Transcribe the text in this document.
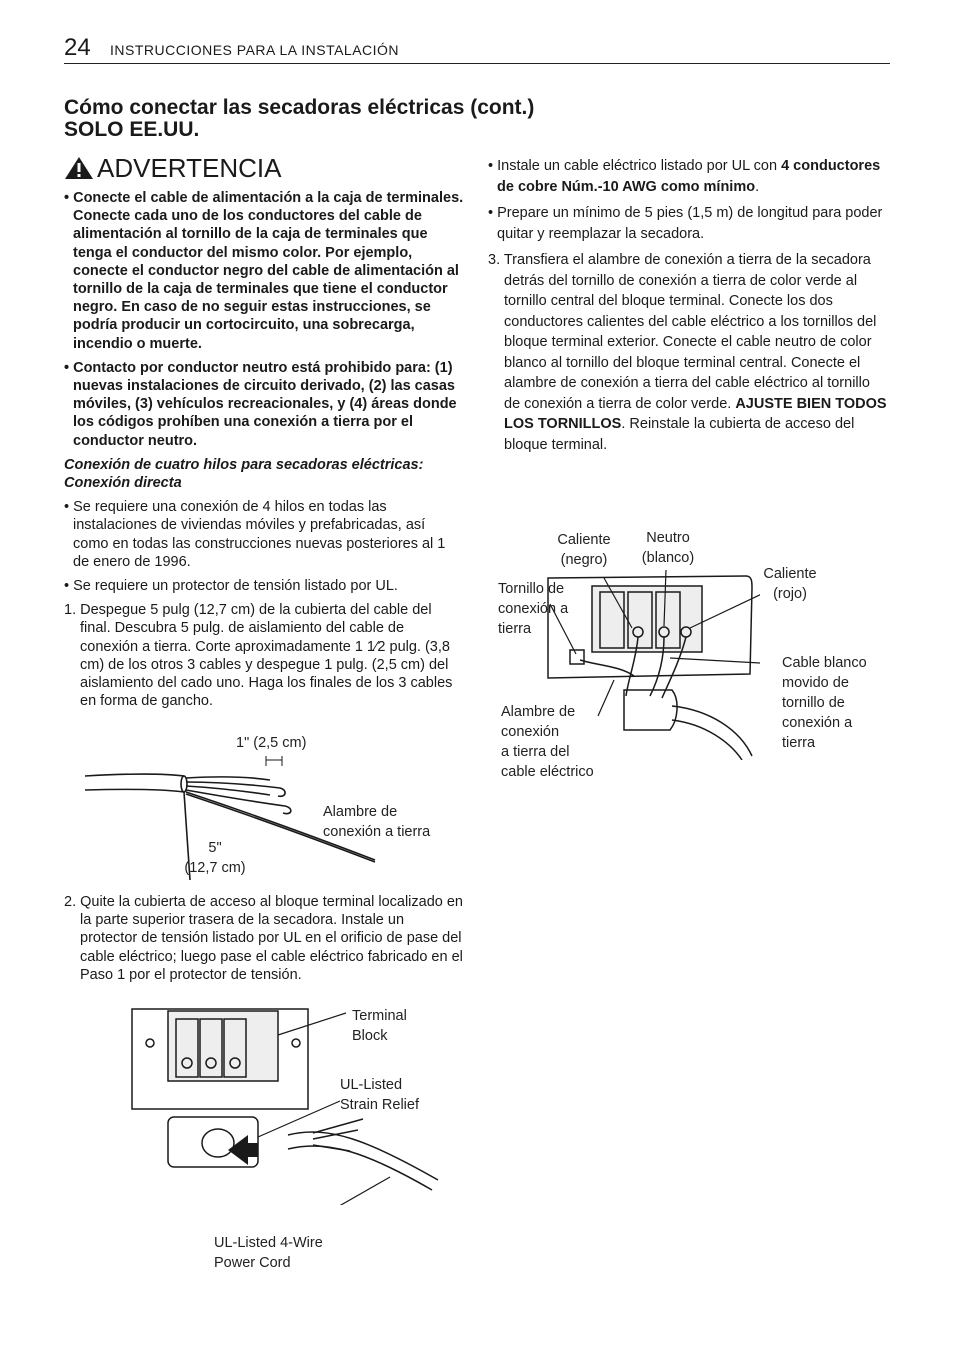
24 INSTRUCCIONES PARA LA INSTALACIÓN
Cómo conectar las secadoras eléctricas (cont.)
SOLO EE.UU.
ADVERTENCIA

• Conecte el cable de alimentación a la caja de terminales. Conecte cada uno de los conductores del cable de alimentación al tornillo de la caja de terminales que tenga el conductor del mismo color. Por ejemplo, conecte el conductor negro del cable de alimentación al tornillo de la caja de terminales que tiene el conductor negro. En caso de no seguir estas instrucciones, se podría producir un cortocircuito, una sobrecarga, incendio o muerte.

• Contacto por conductor neutro está prohibido para: (1) nuevas instalaciones de circuito derivado, (2) las casas móviles, (3) vehículos recreacionales, y (4) áreas donde los códigos prohíben una conexión a tierra por el conductor neutro.

Conexión de cuatro hilos para secadoras eléctricas: Conexión directa

• Se requiere una conexión de 4 hilos en todas las instalaciones de viviendas móviles y prefabricadas, así como en todas las construcciones nuevas posteriores al 1 de enero de 1996.

• Se requiere un protector de tensión listado por UL.

1. Despegue 5 pulg (12,7 cm) de la cubierta del cable del final. Descubra 5 pulg. de aislamiento del cable de conexión a tierra. Corte aproximadamente 1 1⁄2 pulg. (3,8 cm) de los otros 3 cables y despegue 1 pulg. (2,5 cm) del aislamiento del cado uno. Haga los finales de los 3 cables en forma de gancho.

1" (2,5 cm)
Alambre de
conexión a tierra
5"
(12,7 cm)

2. Quite la cubierta de acceso al bloque terminal localizado en la parte superior trasera de la secadora. Instale un protector de tensión listado por UL en el orificio de pase del cable eléctrico; luego pase el cable eléctrico fabricado en el Paso 1 por el protector de tensión.

Terminal
Block
UL-Listed
Strain Relief
UL-Listed 4-Wire
Power Cord

• Instale un cable eléctrico listado por UL con 4 conductores de cobre Núm.-10 AWG como mínimo.

• Prepare un mínimo de 5 pies (1,5 m) de longitud para poder quitar y reemplazar la secadora.

3. Transfiera el alambre de conexión a tierra de la secadora detrás del tornillo de conexión a tierra de color verde al tornillo central del bloque terminal. Conecte los dos conductores calientes del cable eléctrico a los tornillos del bloque terminal exterior. Conecte el cable neutro de color blanco al tornillo del bloque terminal central. Conecte el alambre de conexión a tierra del cable eléctrico al tornillo de conexión a tierra de color verde. AJUSTE BIEN TODOS LOS TORNILLOS. Reinstale la cubierta de acceso del bloque terminal.

Caliente
(negro)
Neutro
(blanco)
Caliente
(rojo)
Tornillo de
conexión a
tierra
Alambre de
conexión
a tierra del
cable eléctrico
Cable blanco
movido de
tornillo de
conexión a
tierra
